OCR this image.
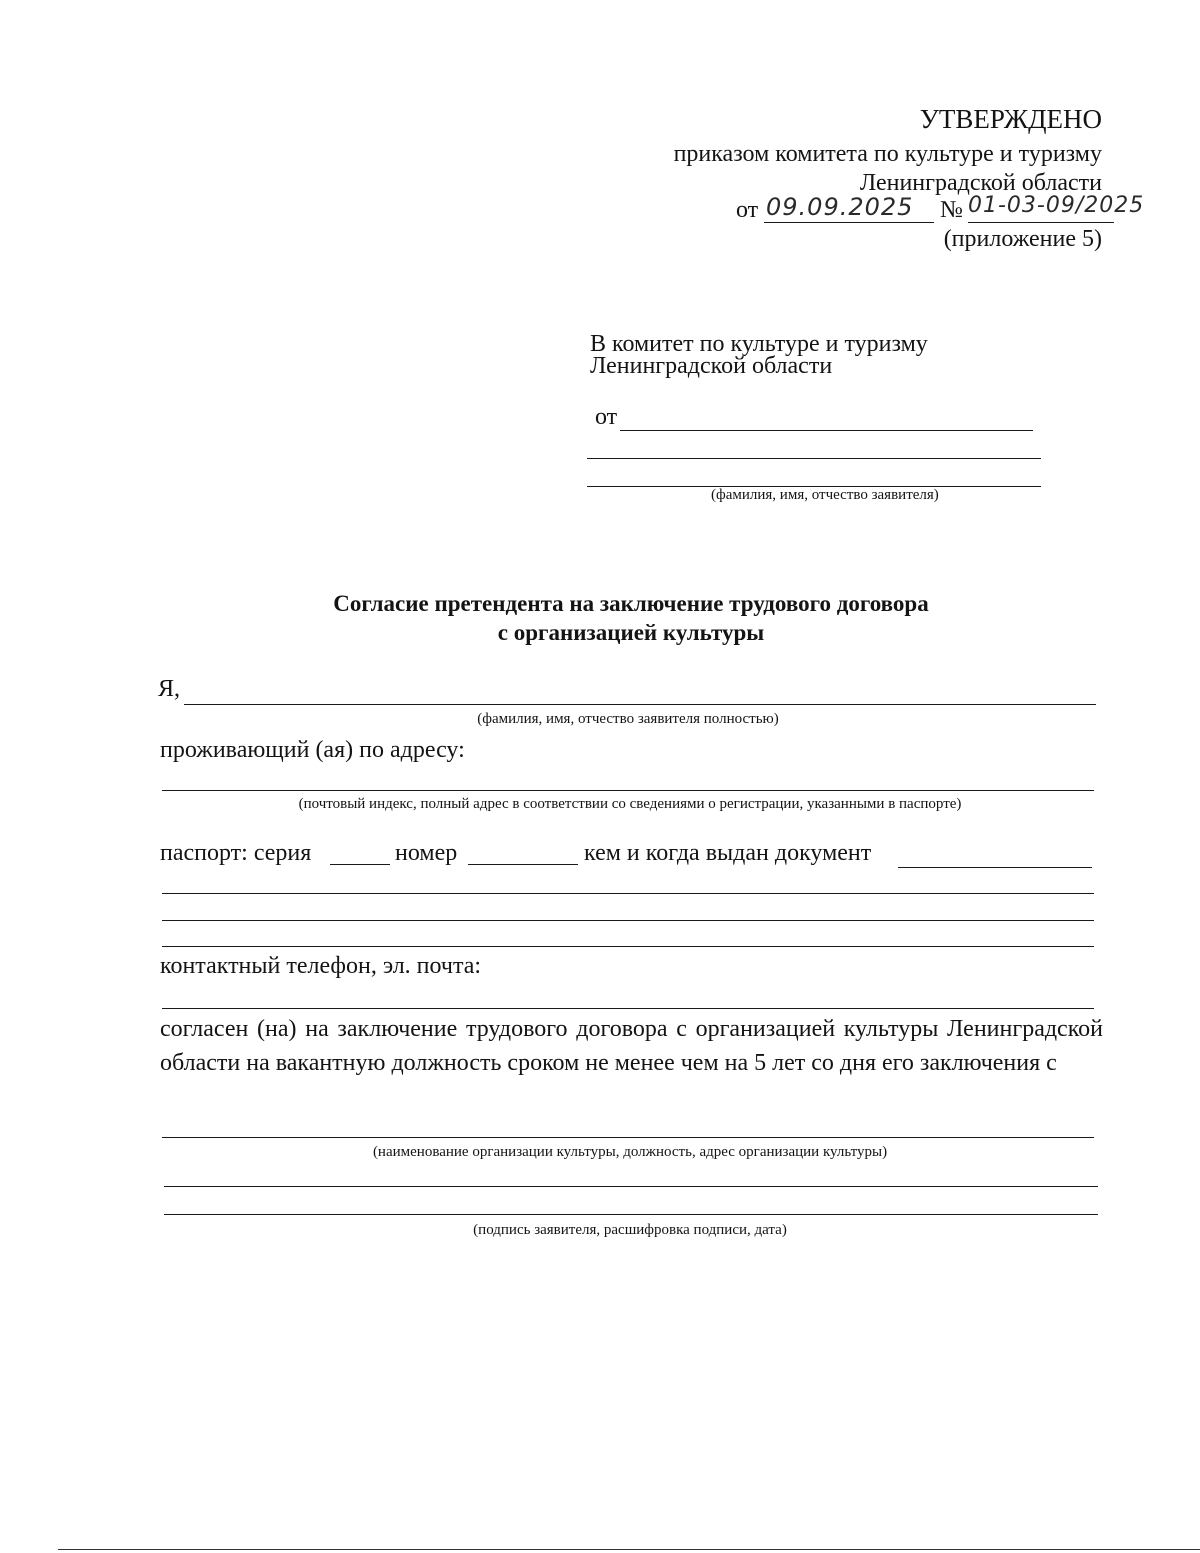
УТВЕРЖДЕНО
приказом комитета по культуре и туризму
Ленинградской области
от 09.09.2025 № 01-03-09/2025
(приложение 5)
В комитет по культуре и туризму
Ленинградской области
от
(фамилия, имя, отчество заявителя)
Согласие претендента на заключение трудового договора
с организацией культуры
Я,
(фамилия, имя, отчество заявителя полностью)
проживающий (ая) по адресу:
(почтовый индекс, полный адрес в соответствии со сведениями о регистрации, указанными в паспорте)
паспорт: серия	номер	кем и когда выдан документ
контактный телефон, эл. почта:
согласен (на) на заключение трудового договора с организацией культуры Ленинградской области на вакантную должность сроком не менее чем на 5 лет со дня его заключения с
(наименование организации культуры, должность, адрес организации культуры)
(подпись заявителя, расшифровка подписи, дата)
